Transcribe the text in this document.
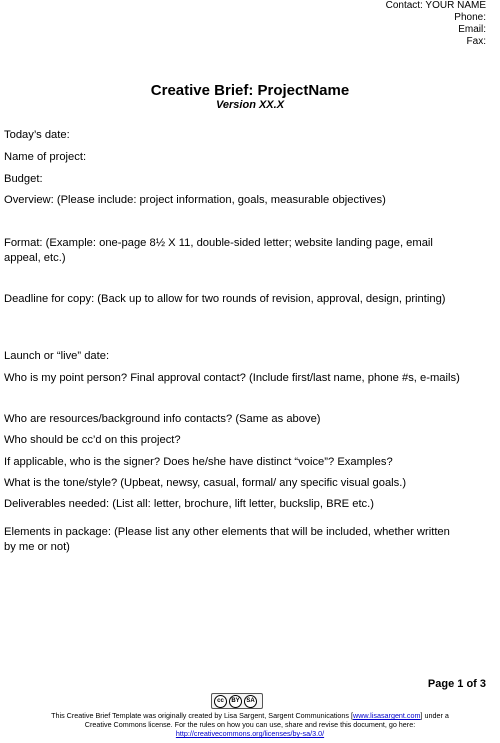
Contact: YOUR NAME
Phone:
Email:
Fax:
Creative Brief: ProjectName
Version XX.X
Today’s date:
Name of project:
Budget:
Overview: (Please include: project information, goals, measurable objectives)
Format: (Example: one-page 8½ X 11, double-sided letter; website landing page, email appeal, etc.)
Deadline for copy: (Back up to allow for two rounds of revision, approval, design, printing)
Launch or “live” date:
Who is my point person? Final approval contact? (Include first/last name, phone #s, e-mails)
Who are resources/background info contacts? (Same as above)
Who should be cc’d on this project?
If applicable, who is the signer? Does he/she have distinct “voice”? Examples?
What is the tone/style? (Upbeat, newsy, casual, formal/ any specific visual goals.)
Deliverables needed: (List all: letter, brochure, lift letter, buckslip, BRE etc.)
Elements in package: (Please list any other elements that will be included, whether written by me or not)
Page 1 of 3
cc	BY	SA
This Creative Brief Template was originally created by Lisa Sargent, Sargent Communications [www.lisasargent.com] under a
Creative Commons license. For the rules on how you can use, share and revise this document, go here:
http://creativecommons.org/licenses/by-sa/3.0/
